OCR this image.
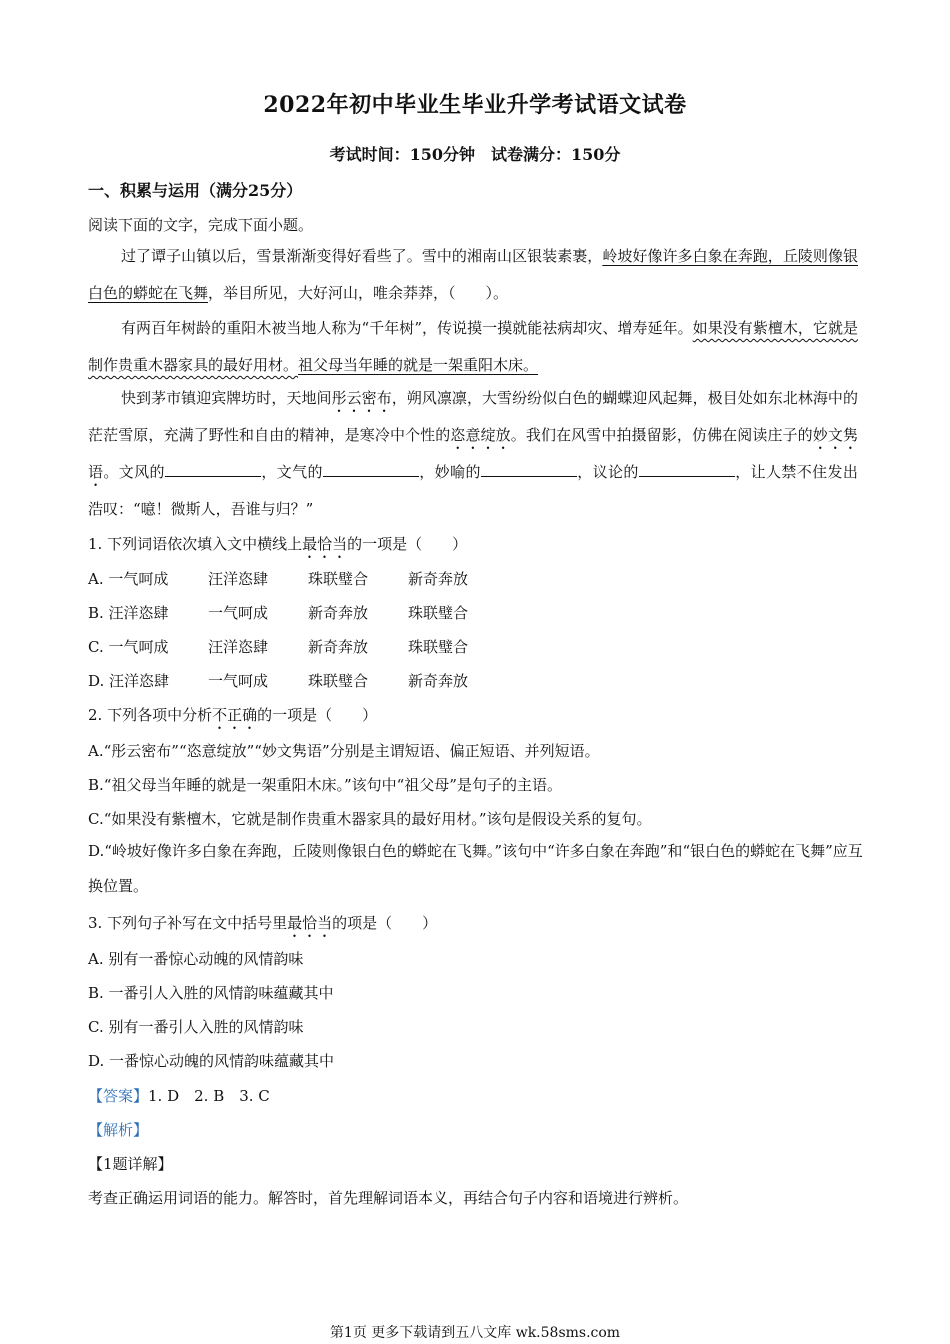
2022年初中毕业生毕业升学考试语文试卷
考试时间：150分钟　试卷满分：150分
一、积累与运用（满分25分）
阅读下面的文字，完成下面小题。
过了谭子山镇以后，雪景渐渐变得好看些了。雪中的湘南山区银装素裹，岭坡好像许多白象在奔跑，丘陵则像银白色的蟒蛇在飞舞，举目所见，大好河山，唯余莽莽，（　　）。
有两百年树龄的重阳木被当地人称为“千年树”，传说摸一摸就能祛病却灾、增寿延年。如果没有紫檀木，它就是制作贵重木器家具的最好用材。祖父母当年睡的就是一架重阳木床。
快到茅市镇迎宾牌坊时，天地间彤云密布，朔风凛凛，大雪纷纷似白色的蝴蝶迎风起舞，极目处如东北林海中的茫茫雪原，充满了野性和自由的精神，是寒冷中个性的恣意绽放。我们在风雪中拍摄留影，仿佛在阅读庄子的妙文隽语。文风的	，文气的	，妙喻的	，议论的	，让人禁不住发出浩叹：“噫！微斯人，吾谁与归？”
1. 下列词语依次填入文中横线上最恰当的一项是（　　）
A. 一气呵成	汪洋恣肆	珠联璧合	新奇奔放
B. 汪洋恣肆	一气呵成	新奇奔放	珠联璧合
C. 一气呵成	汪洋恣肆	新奇奔放	珠联璧合
D. 汪洋恣肆	一气呵成	珠联璧合	新奇奔放
2. 下列各项中分析不正确的一项是（　　）
A.“彤云密布”“恣意绽放”“妙文隽语”分别是主谓短语、偏正短语、并列短语。
B.“祖父母当年睡的就是一架重阳木床。”该句中“祖父母”是句子的主语。
C.“如果没有紫檀木，它就是制作贵重木器家具的最好用材。”该句是假设关系的复句。
D.“岭坡好像许多白象在奔跑，丘陵则像银白色的蟒蛇在飞舞。”该句中“许多白象在奔跑”和“银白色的蟒蛇在飞舞”应互换位置。
3. 下列句子补写在文中括号里最恰当的项是（　　）
A. 别有一番惊心动魄的风情韵味
B. 一番引人入胜的风情韵味蕴藏其中
C. 别有一番引人入胜的风情韵味
D. 一番惊心动魄的风情韵味蕴藏其中
【答案】1. D　2. B　3. C
【解析】
【1题详解】
考查正确运用词语的能力。解答时，首先理解词语本义，再结合句子内容和语境进行辨析。
第1页 更多下载请到五八文库 wk.58sms.com
